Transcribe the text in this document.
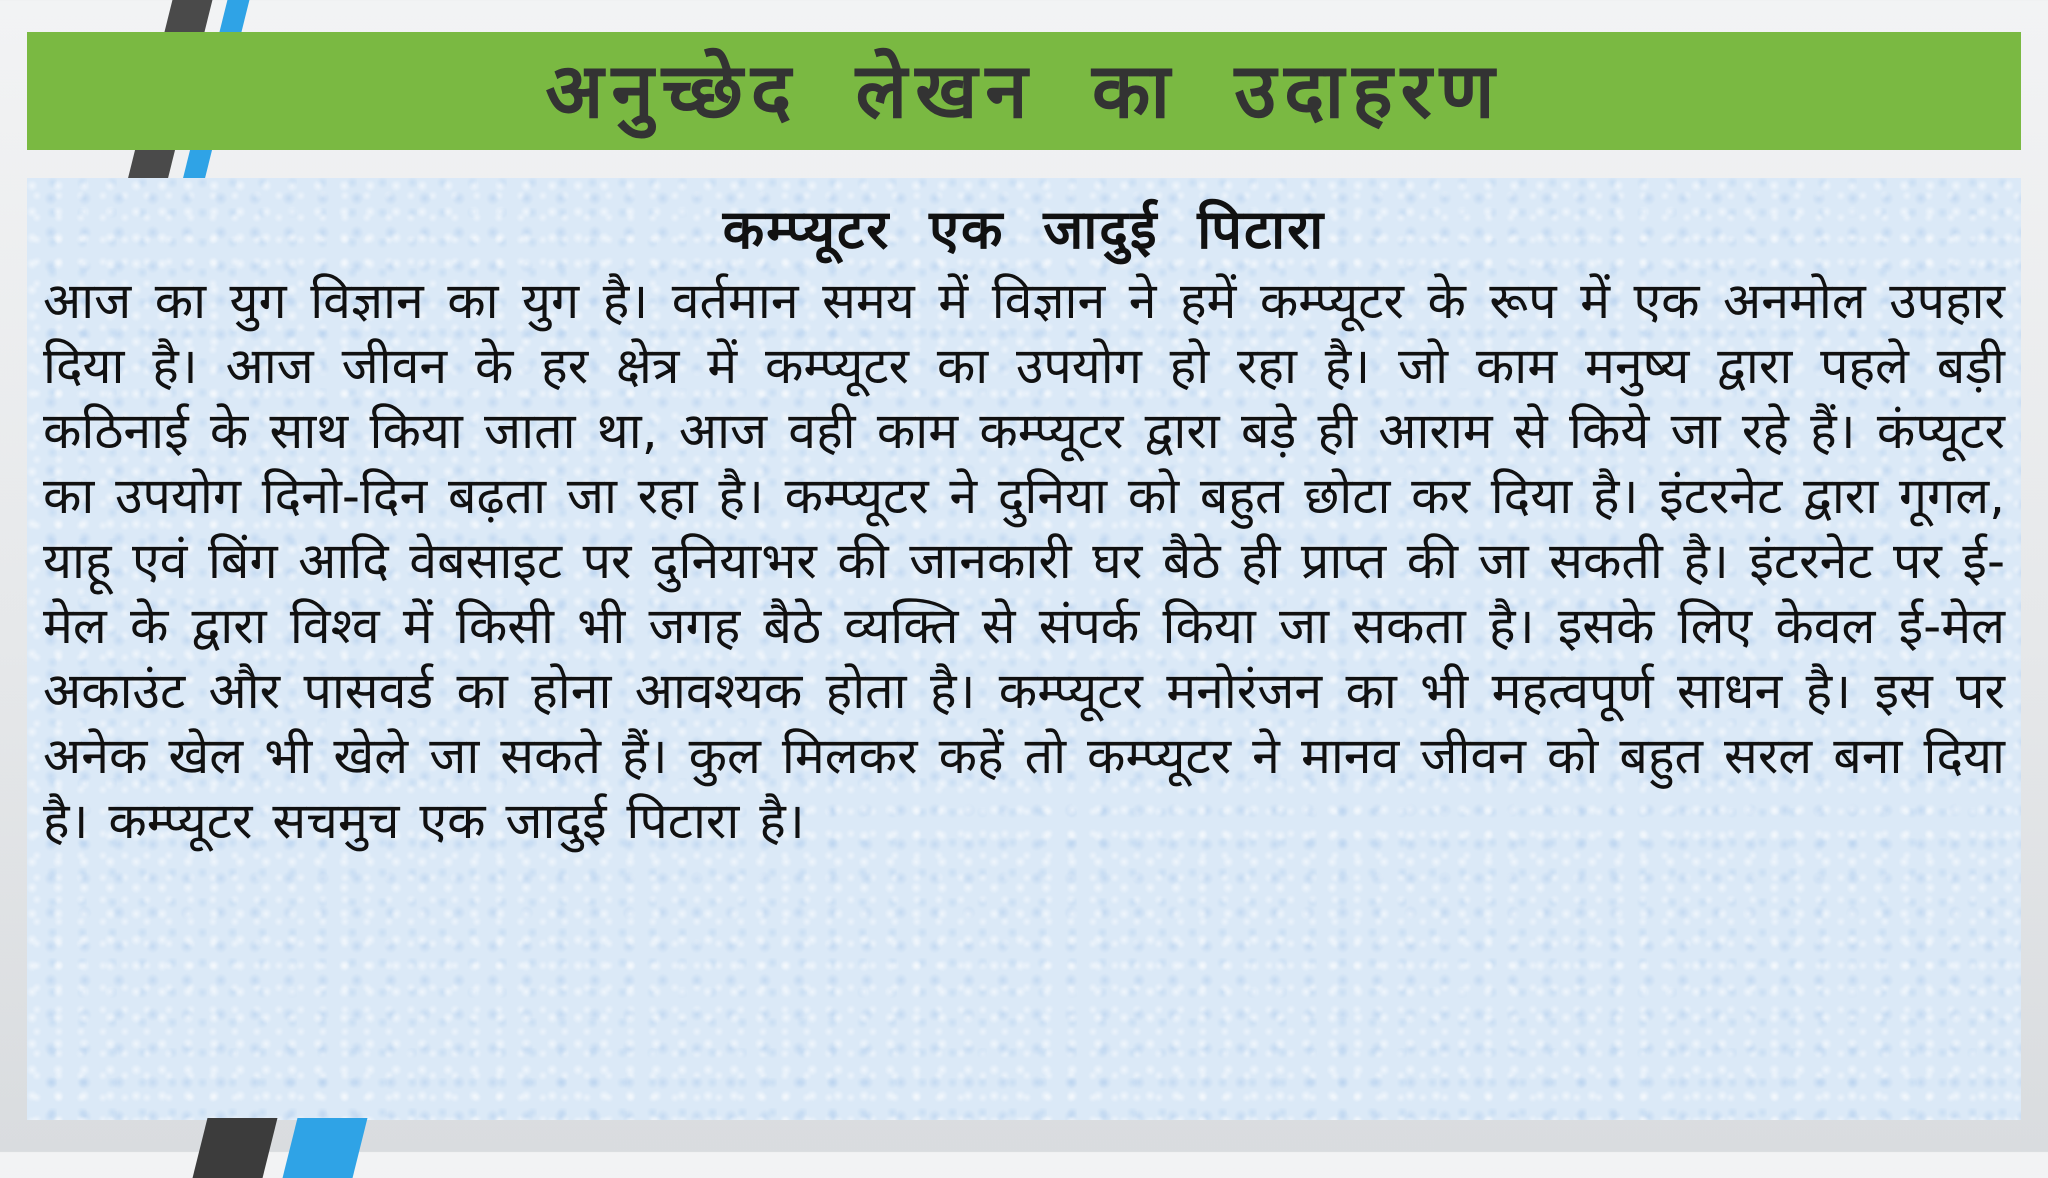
अनुच्छेद लेखन का उदाहरण
कम्प्यूटर एक जादुई पिटारा

आज का युग विज्ञान का युग है। वर्तमान समय में विज्ञान ने हमें कम्प्यूटर के रूप में एक अनमोल उपहार दिया है। आज जीवन के हर क्षेत्र में कम्प्यूटर का उपयोग हो रहा है। जो काम मनुष्य द्वारा पहले बड़ी कठिनाई के साथ किया जाता था, आज वही काम कम्प्यूटर द्वारा बड़े ही आराम से किये जा रहे हैं। कंप्यूटर का उपयोग दिनो-दिन बढ़ता जा रहा है। कम्प्यूटर ने दुनिया को बहुत छोटा कर दिया है। इंटरनेट द्वारा गूगल, याहू एवं बिंग आदि वेबसाइट पर दुनियाभर की जानकारी घर बैठे ही प्राप्त की जा सकती है। इंटरनेट पर ई-मेल के द्वारा विश्व में किसी भी जगह बैठे व्यक्ति से संपर्क किया जा सकता है। इसके लिए केवल ई-मेल अकाउंट और पासवर्ड का होना आवश्यक होता है। कम्प्यूटर मनोरंजन का भी महत्वपूर्ण साधन है। इस पर अनेक खेल भी खेले जा सकते हैं। कुल मिलकर कहें तो कम्प्यूटर ने मानव जीवन को बहुत सरल बना दिया है। कम्प्यूटर सचमुच एक जादुई पिटारा है।
